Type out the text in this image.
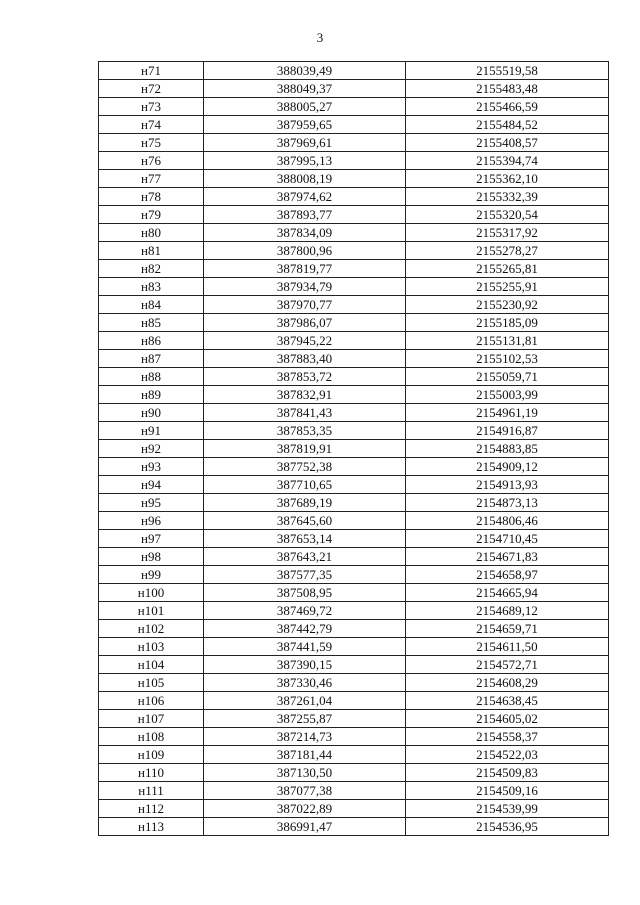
3
н71	388039,49	2155519,58
н72	388049,37	2155483,48
н73	388005,27	2155466,59
н74	387959,65	2155484,52
н75	387969,61	2155408,57
н76	387995,13	2155394,74
н77	388008,19	2155362,10
н78	387974,62	2155332,39
н79	387893,77	2155320,54
н80	387834,09	2155317,92
н81	387800,96	2155278,27
н82	387819,77	2155265,81
н83	387934,79	2155255,91
н84	387970,77	2155230,92
н85	387986,07	2155185,09
н86	387945,22	2155131,81
н87	387883,40	2155102,53
н88	387853,72	2155059,71
н89	387832,91	2155003,99
н90	387841,43	2154961,19
н91	387853,35	2154916,87
н92	387819,91	2154883,85
н93	387752,38	2154909,12
н94	387710,65	2154913,93
н95	387689,19	2154873,13
н96	387645,60	2154806,46
н97	387653,14	2154710,45
н98	387643,21	2154671,83
н99	387577,35	2154658,97
н100	387508,95	2154665,94
н101	387469,72	2154689,12
н102	387442,79	2154659,71
н103	387441,59	2154611,50
н104	387390,15	2154572,71
н105	387330,46	2154608,29
н106	387261,04	2154638,45
н107	387255,87	2154605,02
н108	387214,73	2154558,37
н109	387181,44	2154522,03
н110	387130,50	2154509,83
н111	387077,38	2154509,16
н112	387022,89	2154539,99
н113	386991,47	2154536,95
